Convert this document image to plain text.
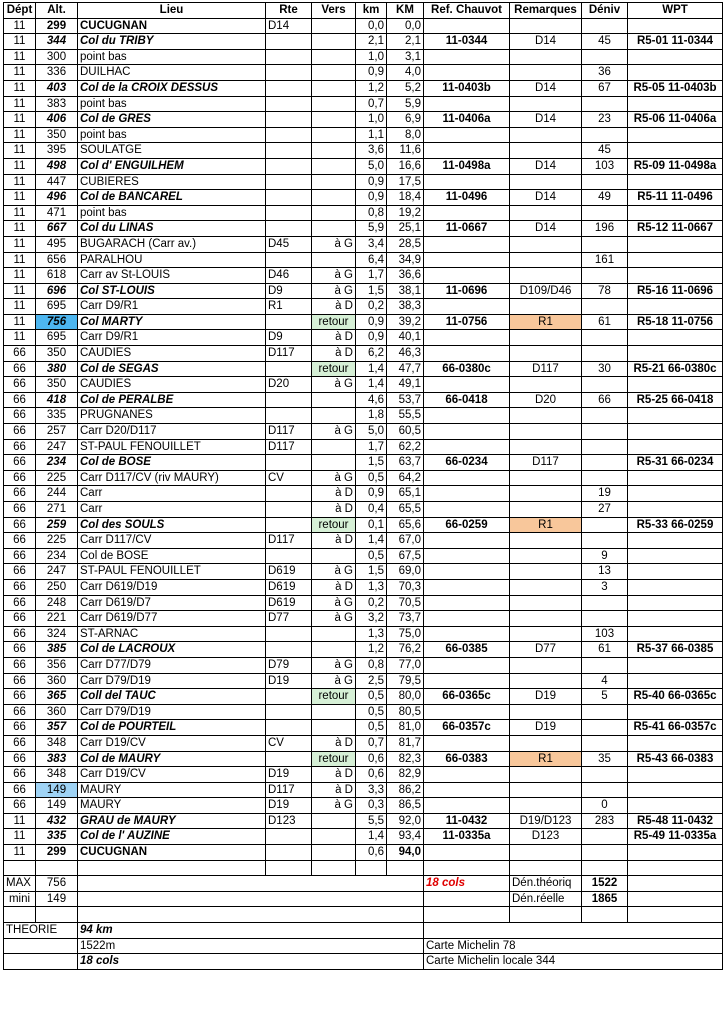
Dépt	Alt.	Lieu	Rte	Vers	km	KM	Ref. Chauvot	Remarques	Déniv	WPT
11	299	CUCUGNAN	D14		0,0	0,0				
11	344	Col du TRIBY			2,1	2,1	11-0344	D14	45	R5-01 11-0344
11	300	point bas			1,0	3,1				
11	336	DUILHAC			0,9	4,0			36	
11	403	Col de la CROIX DESSUS			1,2	5,2	11-0403b	D14	67	R5-05 11-0403b
11	383	point bas			0,7	5,9				
11	406	Col de GRES			1,0	6,9	11-0406a	D14	23	R5-06 11-0406a
11	350	point bas			1,1	8,0				
11	395	SOULATGE			3,6	11,6			45	
11	498	Col d' ENGUILHEM			5,0	16,6	11-0498a	D14	103	R5-09 11-0498a
11	447	CUBIERES			0,9	17,5				
11	496	Col de BANCAREL			0,9	18,4	11-0496	D14	49	R5-11 11-0496
11	471	point bas			0,8	19,2				
11	667	Col du LINAS			5,9	25,1	11-0667	D14	196	R5-12 11-0667
11	495	BUGARACH (Carr av.)	D45	à G	3,4	28,5				
11	656	PARALHOU			6,4	34,9			161	
11	618	Carr av St-LOUIS	D46	à G	1,7	36,6				
11	696	Col ST-LOUIS	D9	à G	1,5	38,1	11-0696	D109/D46	78	R5-16 11-0696
11	695	Carr D9/R1	R1	à D	0,2	38,3				
11	756	Col MARTY		retour	0,9	39,2	11-0756	R1	61	R5-18 11-0756
11	695	Carr D9/R1	D9	à D	0,9	40,1				
66	350	CAUDIES	D117	à D	6,2	46,3				
66	380	Col de SEGAS		retour	1,4	47,7	66-0380c	D117	30	R5-21 66-0380c
66	350	CAUDIES	D20	à G	1,4	49,1				
66	418	Col de PERALBE			4,6	53,7	66-0418	D20	66	R5-25 66-0418
66	335	PRUGNANES			1,8	55,5				
66	257	Carr D20/D117	D117	à G	5,0	60,5				
66	247	ST-PAUL FENOUILLET	D117		1,7	62,2				
66	234	Col de BOSE			1,5	63,7	66-0234	D117		R5-31 66-0234
66	225	Carr D117/CV (riv MAURY)	CV	à G	0,5	64,2				
66	244	Carr		à D	0,9	65,1			19	
66	271	Carr		à D	0,4	65,5			27	
66	259	Col des SOULS		retour	0,1	65,6	66-0259	R1		R5-33 66-0259
66	225	Carr D117/CV	D117	à D	1,4	67,0				
66	234	Col de BOSE			0,5	67,5			9	
66	247	ST-PAUL FENOUILLET	D619	à G	1,5	69,0			13	
66	250	Carr D619/D19	D619	à D	1,3	70,3			3	
66	248	Carr D619/D7	D619	à G	0,2	70,5				
66	221	Carr D619/D77	D77	à G	3,2	73,7				
66	324	ST-ARNAC			1,3	75,0			103	
66	385	Col de LACROUX			1,2	76,2	66-0385	D77	61	R5-37 66-0385
66	356	Carr D77/D79	D79	à G	0,8	77,0				
66	360	Carr D79/D19	D19	à G	2,5	79,5			4	
66	365	Coll del TAUC		retour	0,5	80,0	66-0365c	D19	5	R5-40 66-0365c
66	360	Carr D79/D19			0,5	80,5				
66	357	Col de POURTEIL			0,5	81,0	66-0357c	D19		R5-41 66-0357c
66	348	Carr D19/CV	CV	à D	0,7	81,7				
66	383	Col de MAURY		retour	0,6	82,3	66-0383	R1	35	R5-43 66-0383
66	348	Carr D19/CV	D19	à D	0,6	82,9				
66	149	MAURY	D117	à D	3,3	86,2				
66	149	MAURY	D19	à G	0,3	86,5			0	
11	432	GRAU de MAURY	D123		5,5	92,0	11-0432	D19/D123	283	R5-48 11-0432
11	335	Col de l' AUZINE			1,4	93,4	11-0335a	D123		R5-49 11-0335a
11	299	CUCUGNAN			0,6	94,0				

MAX	756						18 cols	Dén.théoriq	1522	
mini	149							Dén.réelle	1865	

THEORIE		94 km								
		1522m					Carte Michelin 78			
		18 cols					Carte Michelin locale 344			
